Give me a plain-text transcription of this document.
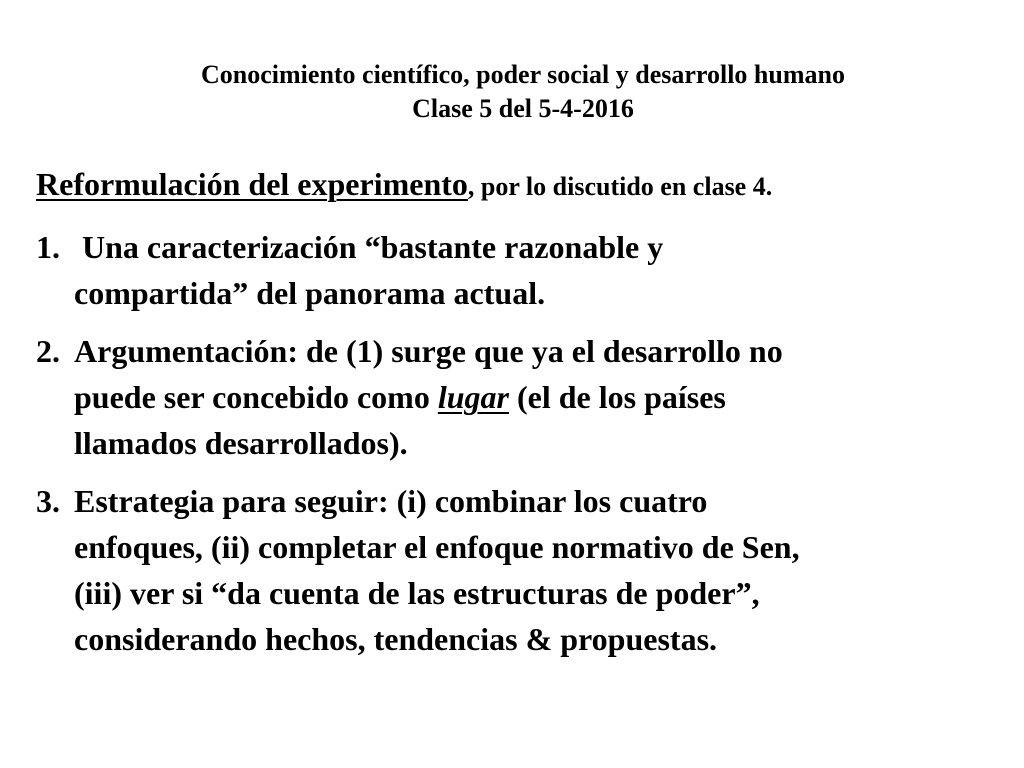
Conocimiento científico, poder social y desarrollo humano
Clase 5 del 5-4-2016
Reformulación del experimento, por lo discutido en clase 4.
1. Una caracterización “bastante razonable y
compartida” del panorama actual.
2. Argumentación: de (1) surge que ya el desarrollo no
puede ser concebido como lugar (el de los países
llamados desarrollados).
3. Estrategia para seguir: (i) combinar los cuatro
enfoques, (ii) completar el enfoque normativo de Sen,
(iii) ver si “da cuenta de las estructuras de poder”,
considerando hechos, tendencias & propuestas.
